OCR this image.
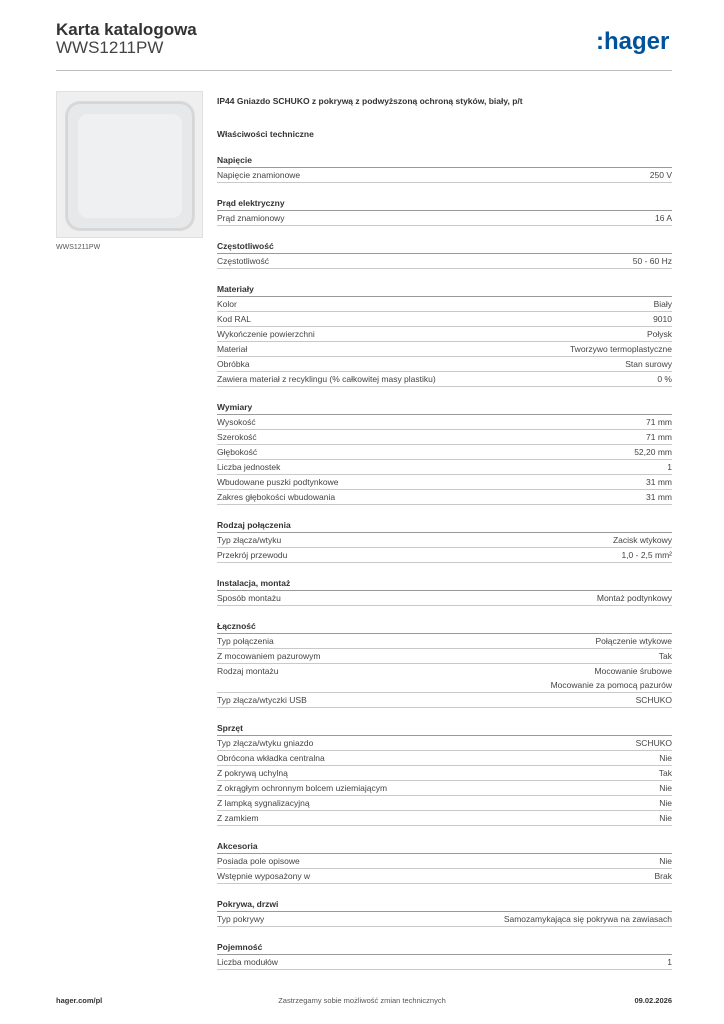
Karta katalogowa
WWS1211PW	:hager
WWS1211PW
IP44 Gniazdo SCHUKO z pokrywą z podwyższoną ochroną styków, biały, p/t
Właściwości techniczne
Napięcie
Napięcie znamionowe	250 V
Prąd elektryczny
Prąd znamionowy	16 A
Częstotliwość
Częstotliwość	50 - 60 Hz
Materiały
Kolor	Biały
Kod RAL	9010
Wykończenie powierzchni	Połysk
Materiał	Tworzywo termoplastyczne
Obróbka	Stan surowy
Zawiera materiał z recyklingu (% całkowitej masy plastiku)	0 %
Wymiary
Wysokość	71 mm
Szerokość	71 mm
Głębokość	52,20 mm
Liczba jednostek	1
Wbudowane puszki podtynkowe	31 mm
Zakres głębokości wbudowania	31 mm
Rodzaj połączenia
Typ złącza/wtyku	Zacisk wtykowy
Przekrój przewodu	1,0 - 2,5 mm²
Instalacja, montaż
Sposób montażu	Montaż podtynkowy
Łączność
Typ połączenia	Połączenie wtykowe
Z mocowaniem pazurowym	Tak
Rodzaj montażu	Mocowanie śrubowe
Mocowanie za pomocą pazurów
Typ złącza/wtyczki USB	SCHUKO
Sprzęt
Typ złącza/wtyku gniazdo	SCHUKO
Obrócona wkładka centralna	Nie
Z pokrywą uchylną	Tak
Z okrągłym ochronnym bolcem uziemiającym	Nie
Z lampką sygnalizacyjną	Nie
Z zamkiem	Nie
Akcesoria
Posiada pole opisowe	Nie
Wstępnie wyposażony w	Brak
Pokrywa, drzwi
Typ pokrywy	Samozamykająca się pokrywa na zawiasach
Pojemność
Liczba modułów	1
hager.com/pl	Zastrzegamy sobie możliwość zmian technicznych	09.02.2026
